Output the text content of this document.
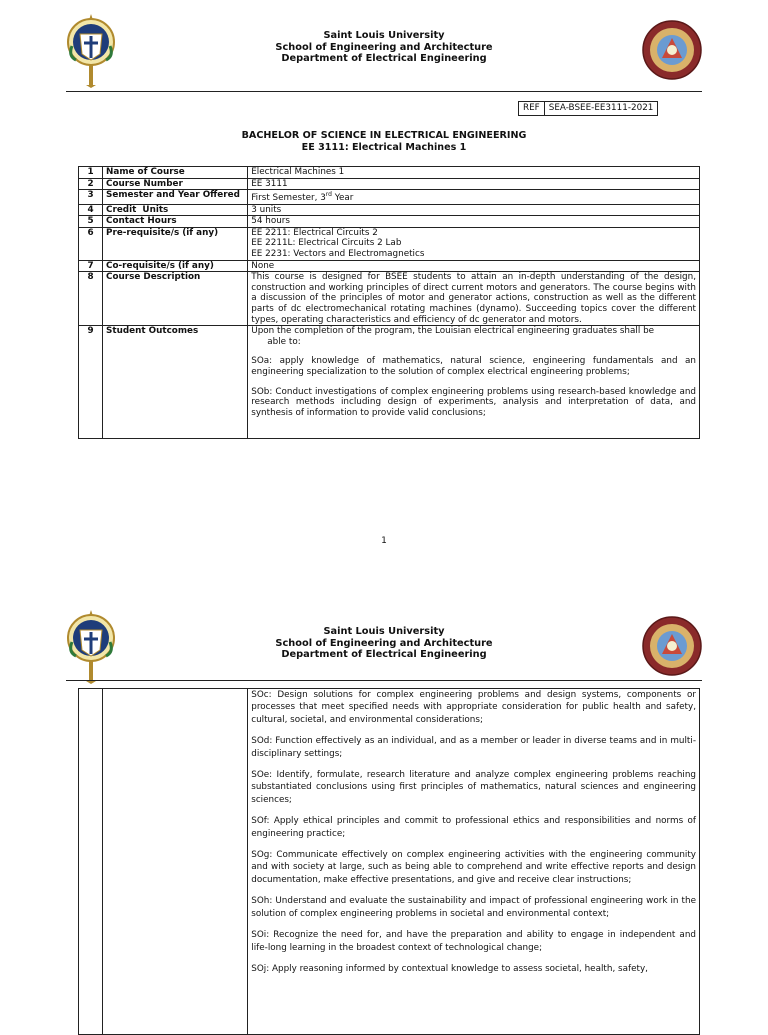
Saint Louis University
School of Engineering and Architecture
Department of Electrical Engineering
REF	SEA-BSEE-EE3111-2021
BACHELOR OF SCIENCE IN ELECTRICAL ENGINEERING
EE 3111: Electrical Machines 1
1	Name of Course	Electrical Machines 1
2	Course Number	EE 3111
3	Semester and Year Offered	First Semester, 3rd Year
4	Credit  Units	3 units
5	Contact Hours	54 hours
6	Pre-requisite/s (if any)	EE 2211: Electrical Circuits 2
EE 2211L: Electrical Circuits 2 Lab
EE 2231: Vectors and Electromagnetics

7	Co-requisite/s (if any)	None
8	Course Description	This course is designed for BSEE students to attain an in-depth understanding of the design, construction and working principles of direct current motors and generators. The course begins with a discussion of the principles of motor and generator actions, construction as well as the different parts of dc electromechanical rotating machines (dynamo). Succeeding topics cover the different types, operating characteristics and efficiency of dc generator and motors.
9	Student Outcomes	Upon the completion of the program, the Louisian electrical engineering graduates shall be
able to:

SOa: apply knowledge of mathematics, natural science, engineering fundamentals and an engineering specialization to the solution of complex electrical engineering problems;

SOb: Conduct investigations of complex engineering problems using research-based knowledge and research methods including design of experiments, analysis and interpretation of data, and synthesis of information to provide valid conclusions;

1
Saint Louis University
School of Engineering and Architecture
Department of Electrical Engineering

SOc: Design solutions for complex engineering problems and design systems, components or processes that meet specified needs with appropriate consideration for public health and safety, cultural, societal, and environmental considerations;

SOd: Function effectively as an individual, and as a member or leader in diverse teams and in multi-disciplinary settings;

SOe: Identify, formulate, research literature and analyze complex engineering problems reaching substantiated conclusions using first principles of mathematics, natural sciences and engineering sciences;

SOf: Apply ethical principles and commit to professional ethics and responsibilities and norms of engineering practice;

SOg: Communicate effectively on complex engineering activities with the engineering community and with society at large, such as being able to comprehend and write effective reports and design documentation, make effective presentations, and give and receive clear instructions;

SOh: Understand and evaluate the sustainability and impact of professional engineering work in the solution of complex engineering problems in societal and environmental context;

SOi: Recognize the need for, and have the preparation and ability to engage in independent and life-long learning in the broadest context of technological change;

SOj: Apply reasoning informed by contextual knowledge to assess societal, health, safety,
